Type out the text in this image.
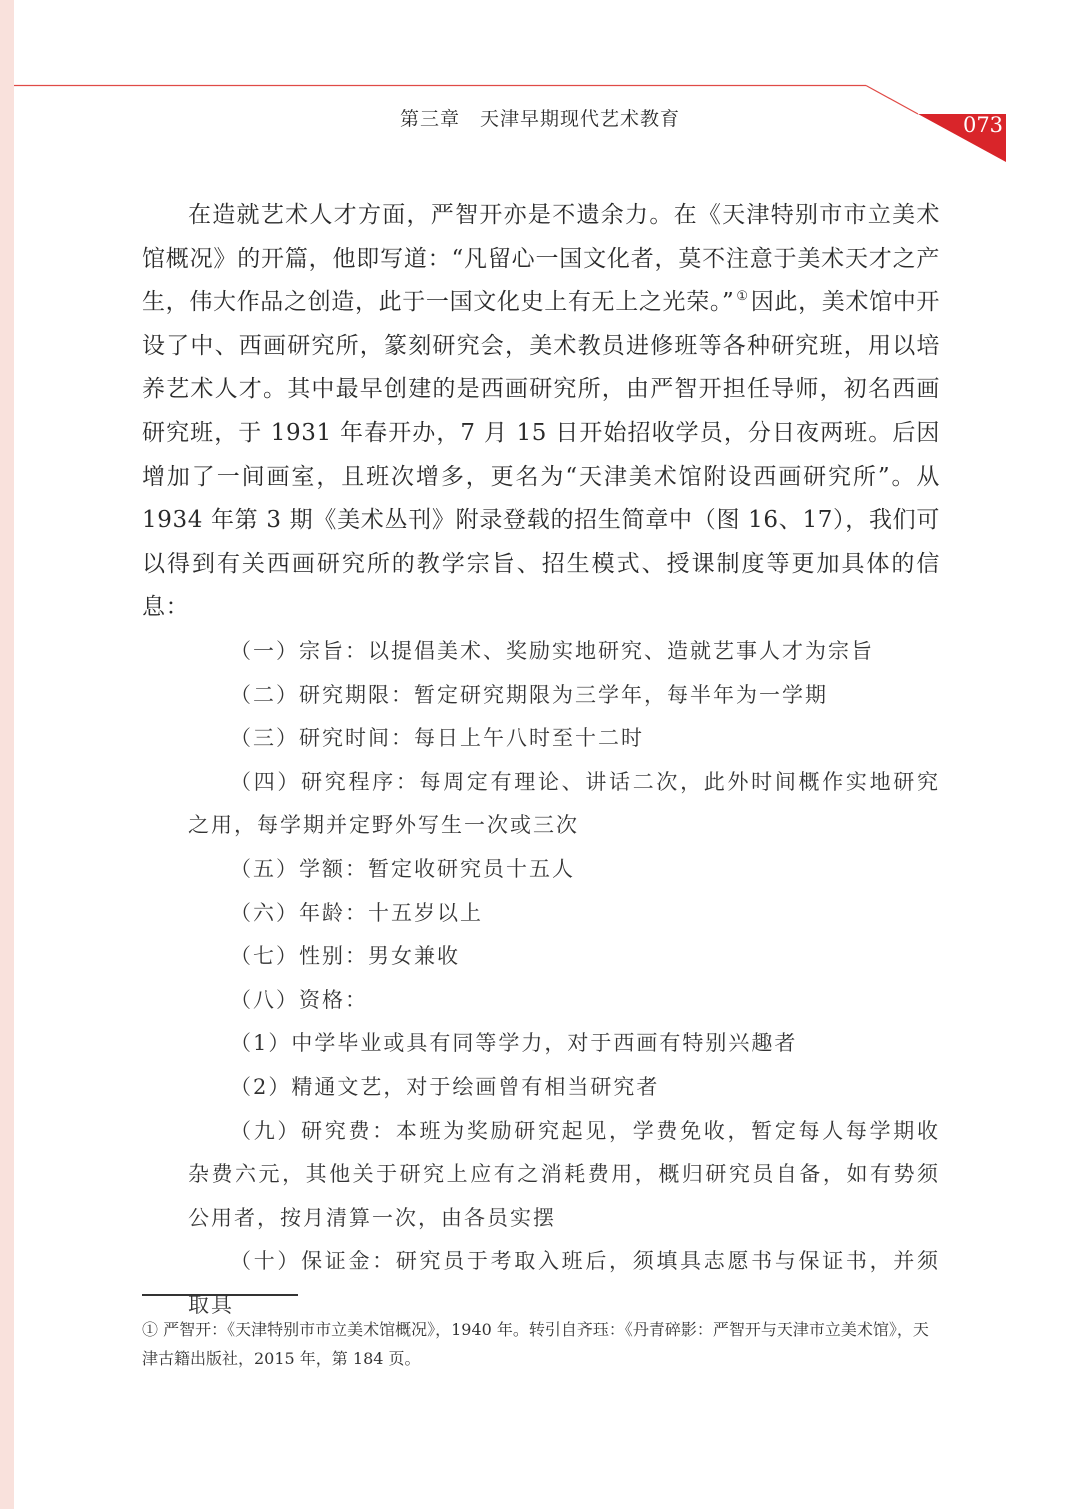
第三章　天津早期现代艺术教育	073

在造就艺术人才方面，严智开亦是不遗余力。在《天津特别市市立美术馆概况》的开篇，他即写道：“凡留心一国文化者，莫不注意于美术天才之产生，伟大作品之创造，此于一国文化史上有无上之光荣。” ①因此，美术馆中开设了中、西画研究所，篆刻研究会，美术教员进修班等各种研究班，用以培养艺术人才。其中最早创建的是西画研究所，由严智开担任导师，初名西画研究班，于 1931 年春开办，7 月 15 日开始招收学员，分日夜两班。后因增加了一间画室，且班次增多，更名为“天津美术馆附设西画研究所”。从 1934 年第 3 期《美术丛刊》附录登载的招生简章中（图 16、17），我们可以得到有关西画研究所的教学宗旨、招生模式、授课制度等更加具体的信息：

（一）宗旨：以提倡美术、奖励实地研究、造就艺事人才为宗旨

（二）研究期限：暂定研究期限为三学年，每半年为一学期

（三）研究时间：每日上午八时至十二时

（四）研究程序：每周定有理论、讲话二次，此外时间概作实地研究之用，每学期并定野外写生一次或三次

（五）学额：暂定收研究员十五人

（六）年龄：十五岁以上

（七）性别：男女兼收

（八）资格：

（1）中学毕业或具有同等学力，对于西画有特别兴趣者

（2）精通文艺，对于绘画曾有相当研究者

（九）研究费：本班为奖励研究起见，学费免收，暂定每人每学期收杂费六元，其他关于研究上应有之消耗费用，概归研究员自备，如有势须公用者，按月清算一次，由各员实摆

（十）保证金：研究员于考取入班后，须填具志愿书与保证书，并须取具

① 严智开：《天津特别市市立美术馆概况》，1940 年。转引自齐珏：《丹青碎影：严智开与天津市立美术馆》，天津古籍出版社，2015 年，第 184 页。
